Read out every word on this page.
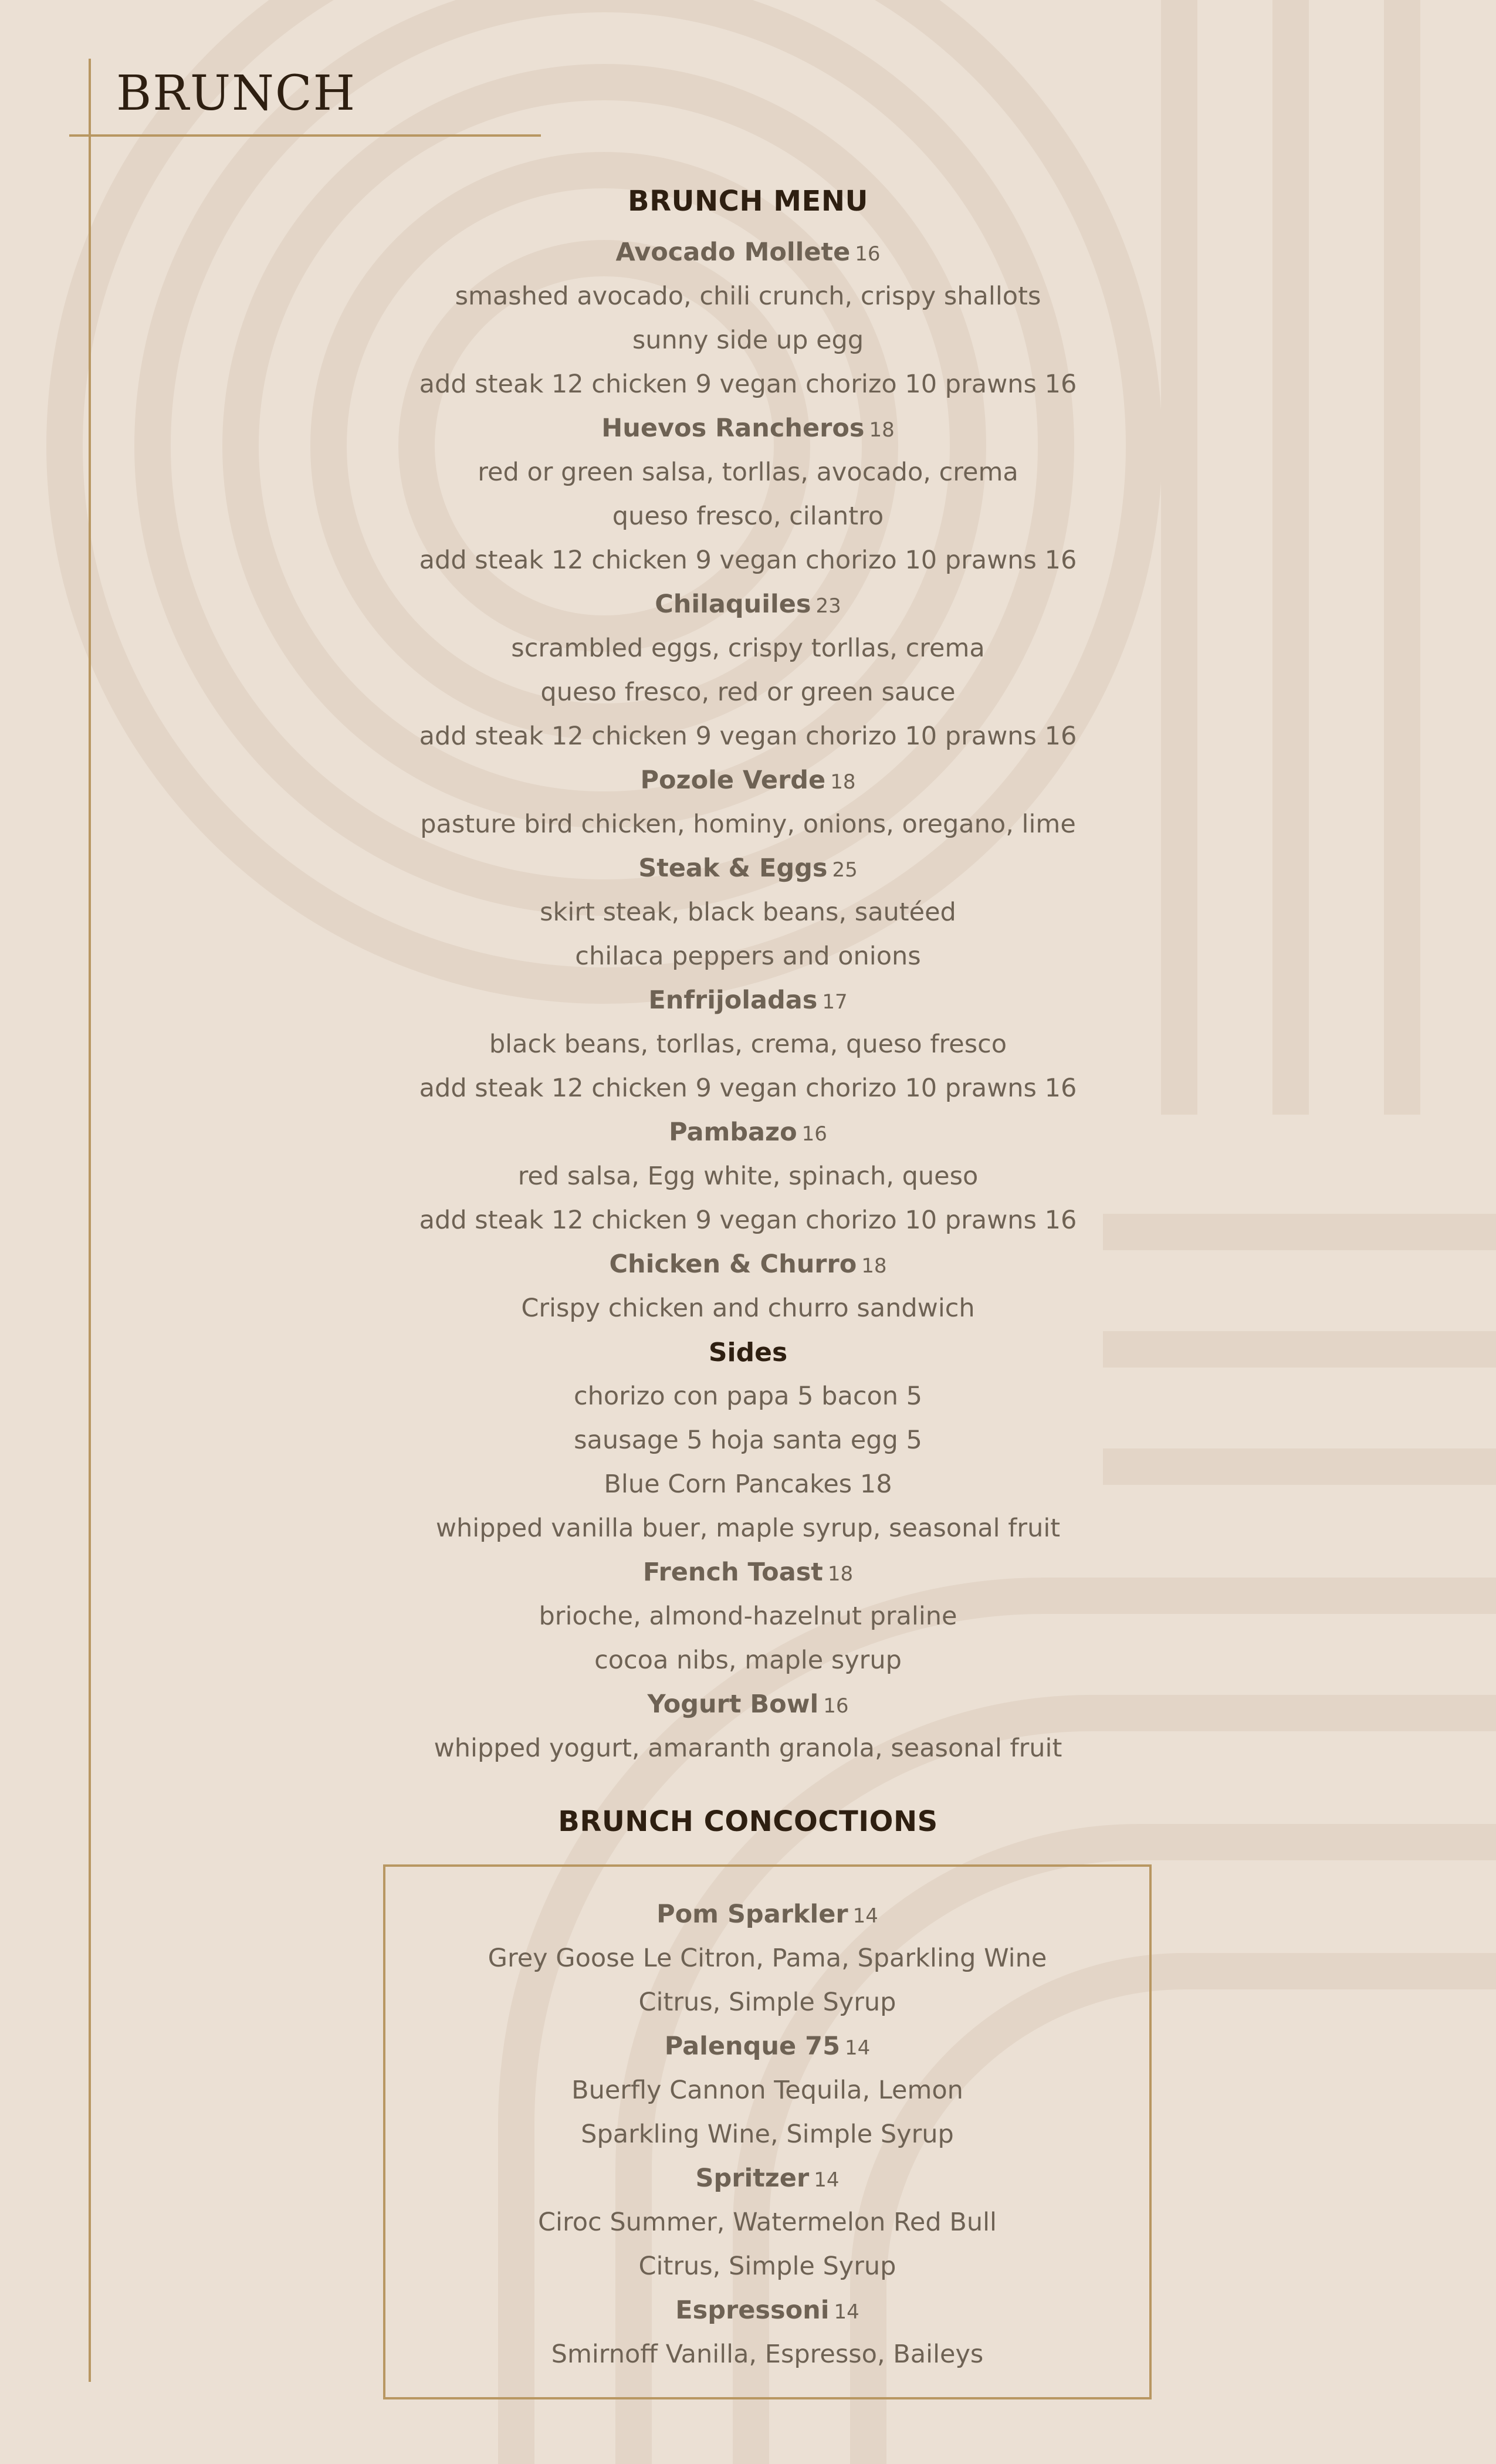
BRUNCH
BRUNCH MENU
Avocado Mollete 16
smashed avocado, chili crunch, crispy shallots
sunny side up egg
add steak 12 chicken 9 vegan chorizo 10 prawns 16
Huevos Rancheros 18
red or green salsa, torllas, avocado, crema
queso fresco, cilantro
add steak 12 chicken 9 vegan chorizo 10 prawns 16
Chilaquiles 23
scrambled eggs, crispy torllas, crema
queso fresco, red or green sauce
add steak 12 chicken 9 vegan chorizo 10 prawns 16
Pozole Verde 18
pasture bird chicken, hominy, onions, oregano, lime
Steak & Eggs 25
skirt steak, black beans, sautéed
chilaca peppers and onions
Enfrijoladas 17
black beans, torllas, crema, queso fresco
add steak 12 chicken 9 vegan chorizo 10 prawns 16
Pambazo 16
red salsa, Egg white, spinach, queso
add steak 12 chicken 9 vegan chorizo 10 prawns 16
Chicken & Churro 18
Crispy chicken and churro sandwich
Sides
chorizo con papa 5 bacon 5
sausage 5 hoja santa egg 5
Blue Corn Pancakes 18
whipped vanilla buer, maple syrup, seasonal fruit
French Toast 18
brioche, almond-hazelnut praline
cocoa nibs, maple syrup
Yogurt Bowl 16
whipped yogurt, amaranth granola, seasonal fruit
BRUNCH CONCOCTIONS
Pom Sparkler 14
Grey Goose Le Citron, Pama, Sparkling Wine
Citrus, Simple Syrup
Palenque 75 14
Buerfly Cannon Tequila, Lemon
Sparkling Wine, Simple Syrup
Spritzer 14
Ciroc Summer, Watermelon Red Bull
Citrus, Simple Syrup
Espressoni 14
Smirnoff Vanilla, Espresso, Baileys
